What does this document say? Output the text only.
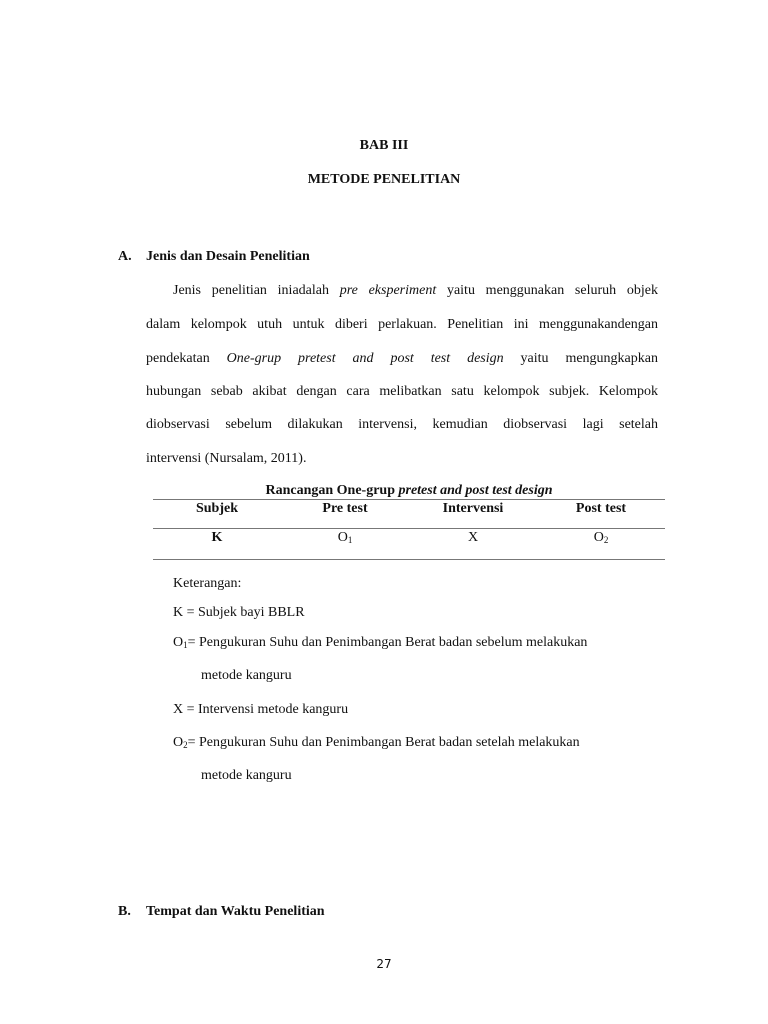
BAB III
METODE PENELITIAN
A. Jenis dan Desain Penelitian
Jenis penelitian iniadalah pre eksperiment yaitu menggunakan seluruh objek
dalam kelompok utuh untuk diberi perlakuan. Penelitian ini menggunakandengan
pendekatan One-grup pretest and post test design yaitu mengungkapkan
hubungan sebab akibat dengan cara melibatkan satu kelompok subjek. Kelompok
diobservasi sebelum dilakukan intervensi, kemudian diobservasi lagi setelah
intervensi (Nursalam, 2011).
Rancangan One-grup pretest and post test design
Subjek	Pre test	Intervensi	Post test
K	$O_1$	X	$O_2$
Keterangan:
K = Subjek bayi BBLR
$O_1=$ Pengukuran Suhu dan Penimbangan Berat badan sebelum melakukan
metode kanguru
X = Intervensi metode kanguru
$O_2=$ Pengukuran Suhu dan Penimbangan Berat badan setelah melakukan
metode kanguru
B. Tempat dan Waktu Penelitian
27
